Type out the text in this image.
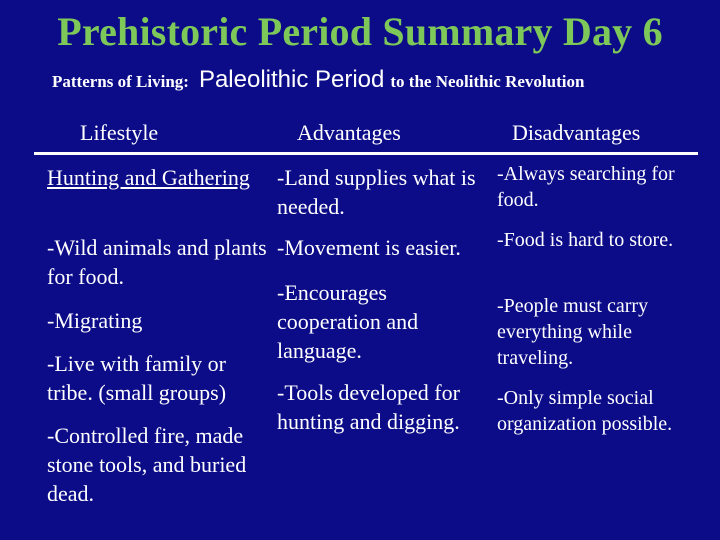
Prehistoric Period Summary Day 6
Patterns of Living: Paleolithic Period to the Neolithic Revolution
Lifestyle	Advantages	Disadvantages
Hunting and Gathering
-Wild animals and plants for food.
-Migrating
-Live with family or tribe. (small groups)
-Controlled fire, made stone tools, and buried dead.
-Land supplies what is needed.
-Movement is easier.
-Encourages cooperation and language.
-Tools developed for hunting and digging.
-Always searching for food.
-Food is hard to store.
-People must carry everything while traveling.
-Only simple social organization possible.
